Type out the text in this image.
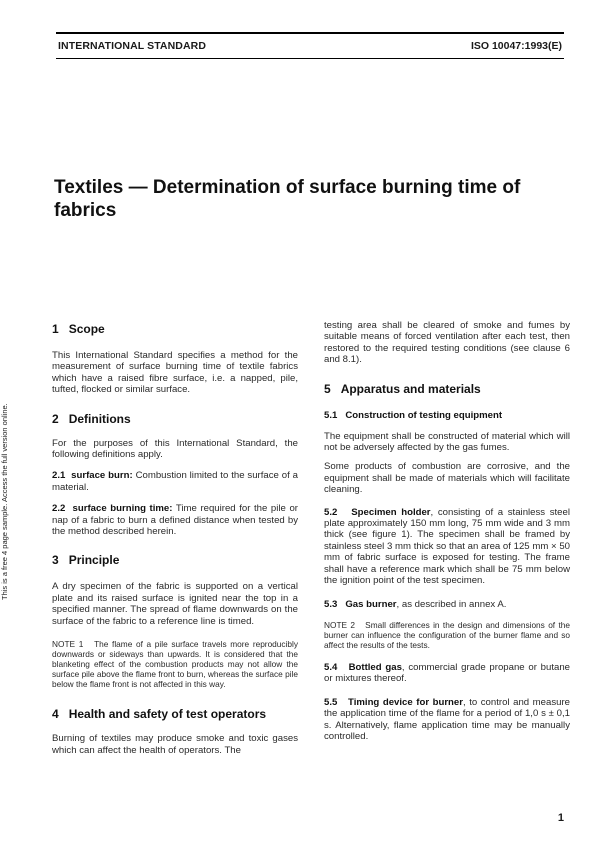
INTERNATIONAL STANDARD	ISO 10047:1993(E)
Textiles — Determination of surface burning time of fabrics
This is a free 4 page sample. Access the full version online.
1 Scope

This International Standard specifies a method for the measurement of surface burning time of textile fabrics which have a raised fibre surface, i.e. a napped, pile, tufted, flocked or similar surface.

2 Definitions

For the purposes of this International Standard, the following definitions apply.

2.1 surface burn: Combustion limited to the surface of a material.

2.2 surface burning time: Time required for the pile or nap of a fabric to burn a defined distance when tested by the method described herein.

3 Principle

A dry specimen of the fabric is supported on a vertical plate and its raised surface is ignited near the top in a specified manner. The spread of flame downwards on the surface of the fabric to a reference line is timed.

NOTE 1 The flame of a pile surface travels more reproducibly downwards or sideways than upwards. It is considered that the blanketing effect of the combustion products may not allow the surface pile above the flame front to burn, whereas the surface pile below the flame front is not affected in this way.

4 Health and safety of test operators

Burning of textiles may produce smoke and toxic gases which can affect the health of operators. The

testing area shall be cleared of smoke and fumes by suitable means of forced ventilation after each test, then restored to the required testing conditions (see clause 6 and 8.1).

5 Apparatus and materials
5.1 Construction of testing equipment

The equipment shall be constructed of material which will not be adversely affected by the gas fumes.

Some products of combustion are corrosive, and the equipment shall be made of materials which will facilitate cleaning.

5.2 Specimen holder, consisting of a stainless steel plate approximately 150 mm long, 75 mm wide and 3 mm thick (see figure 1). The specimen shall be framed by stainless steel 3 mm thick so that an area of 125 mm × 50 mm of fabric surface is exposed for testing. The frame shall have a reference mark which shall be 75 mm below the ignition point of the test specimen.

5.3 Gas burner, as described in annex A.

NOTE 2 Small differences in the design and dimensions of the burner can influence the configuration of the burner flame and so affect the results of the tests.

5.4 Bottled gas, commercial grade propane or butane or mixtures thereof.

5.5 Timing device for burner, to control and measure the application time of the flame for a period of 1,0 s ± 0,1 s. Alternatively, flame application time may be manually controlled.

1
